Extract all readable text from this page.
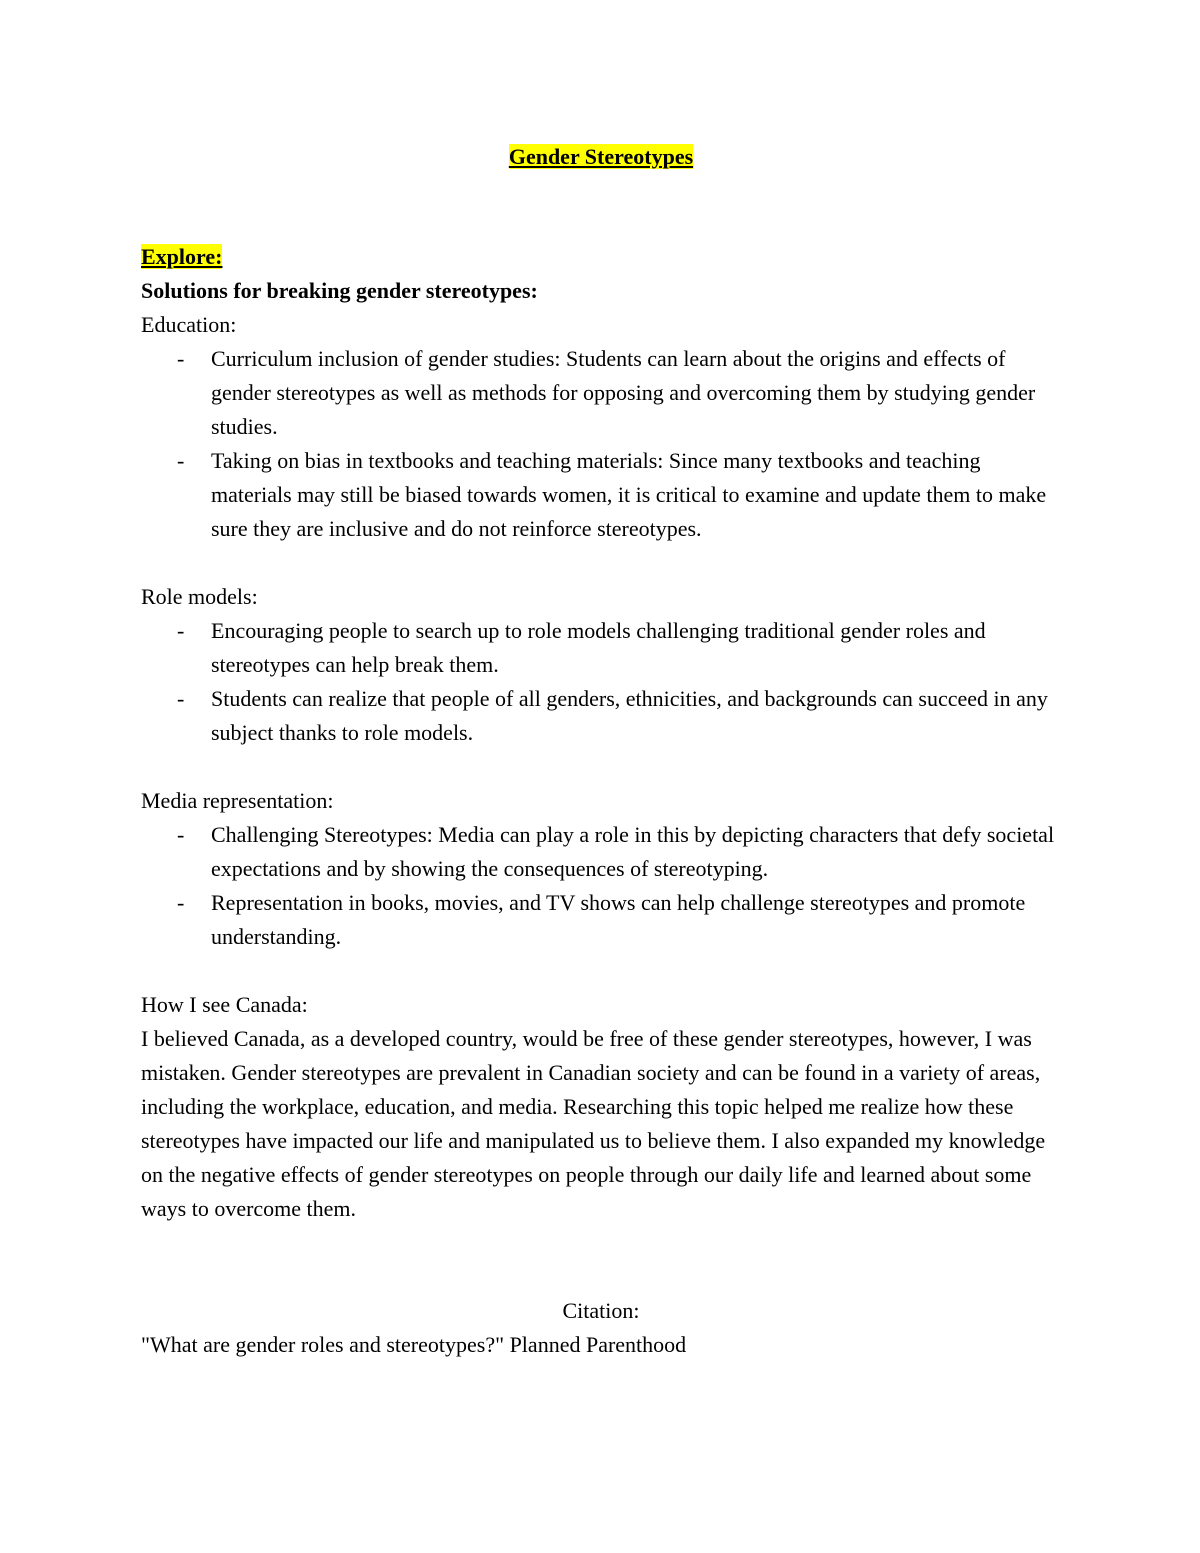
Gender Stereotypes

Explore:

Solutions for breaking gender stereotypes:

Education:

- Curriculum inclusion of gender studies: Students can learn about the origins and effects of gender stereotypes as well as methods for opposing and overcoming them by studying gender studies.
- Taking on bias in textbooks and teaching materials: Since many textbooks and teaching materials may still be biased towards women, it is critical to examine and update them to make sure they are inclusive and do not reinforce stereotypes.

Role models:

- Encouraging people to search up to role models challenging traditional gender roles and stereotypes can help break them.
- Students can realize that people of all genders, ethnicities, and backgrounds can succeed in any subject thanks to role models.

Media representation:

- Challenging Stereotypes: Media can play a role in this by depicting characters that defy societal expectations and by showing the consequences of stereotyping.
- Representation in books, movies, and TV shows can help challenge stereotypes and promote understanding.

How I see Canada:

I believed Canada, as a developed country, would be free of these gender stereotypes, however, I was mistaken. Gender stereotypes are prevalent in Canadian society and can be found in a variety of areas, including the workplace, education, and media. Researching this topic helped me realize how these stereotypes have impacted our life and manipulated us to believe them. I also expanded my knowledge on the negative effects of gender stereotypes on people through our daily life and learned about some ways to overcome them.

Citation:

"What are gender roles and stereotypes?" Planned Parenthood
